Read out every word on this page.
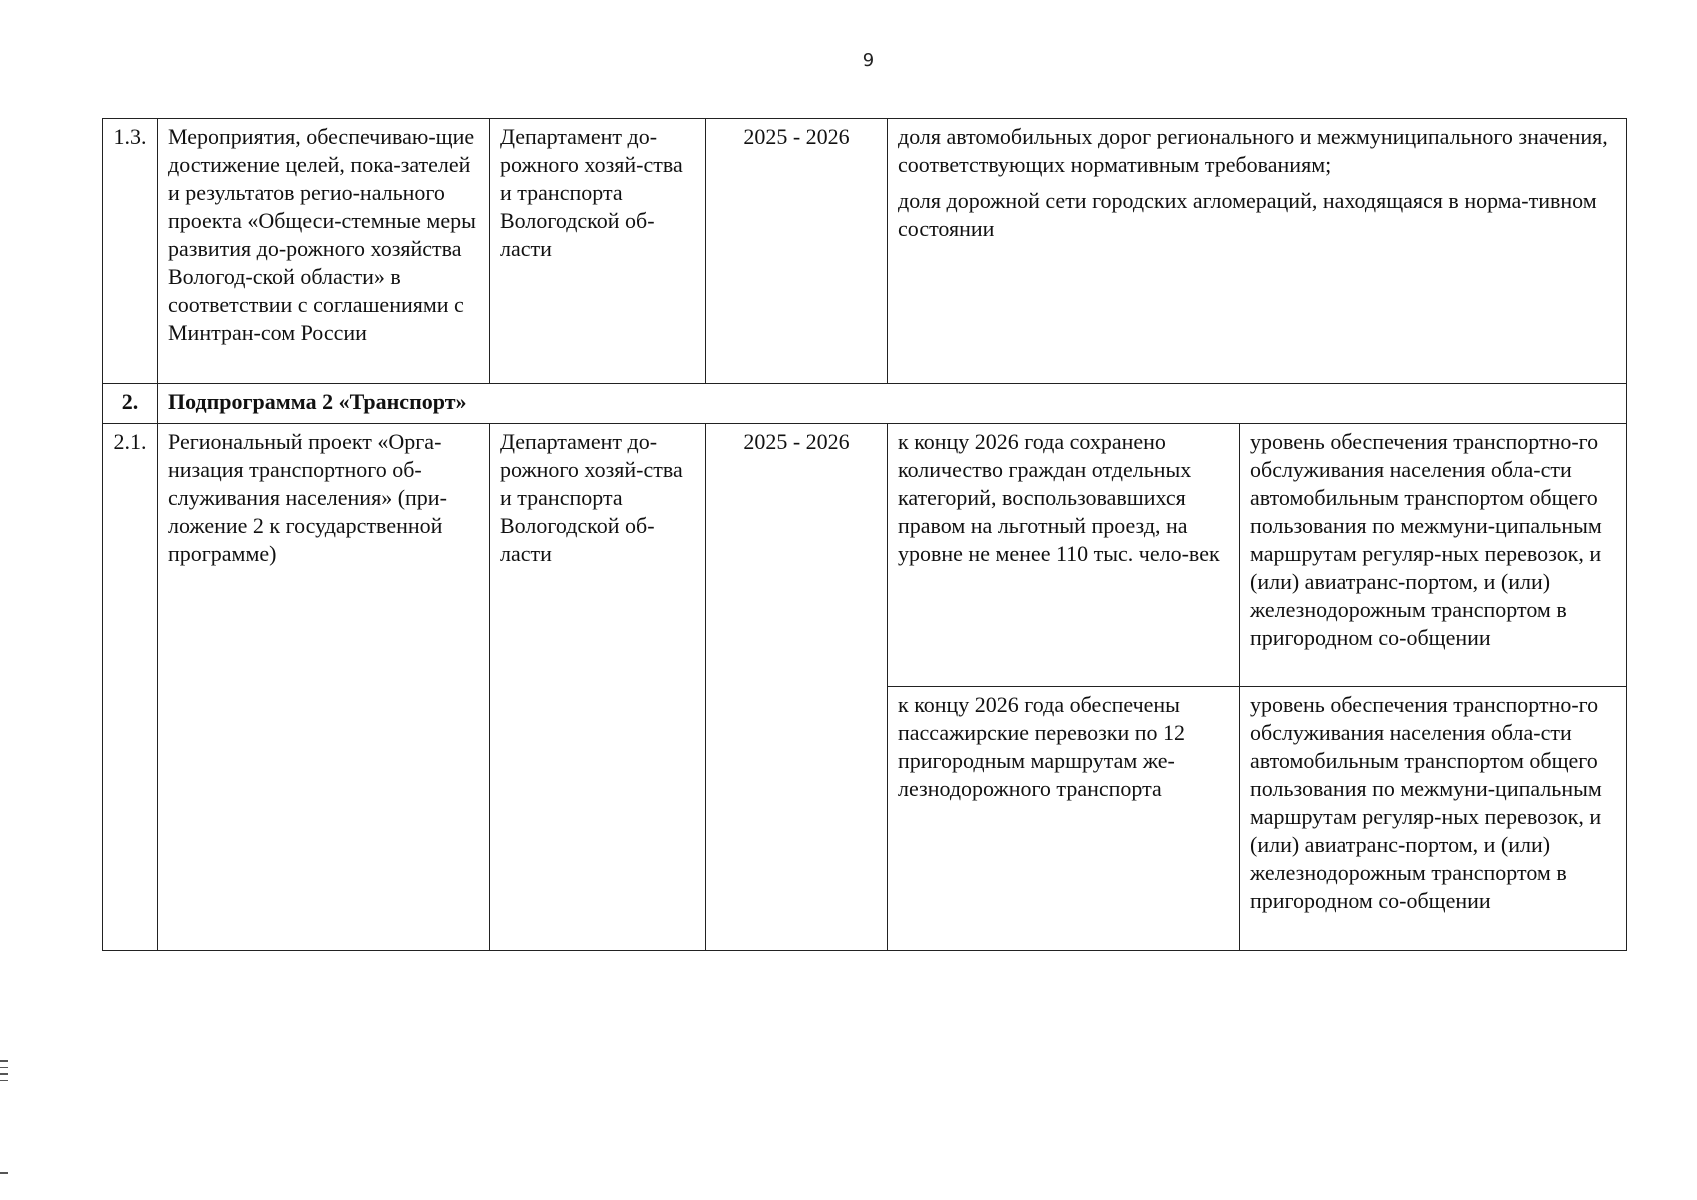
9
1.3.	Мероприятия, обеспечиваю-щие достижение целей, пока-зателей и результатов регио-нального проекта «Общеси-стемные меры развития до-рожного хозяйства Вологод-ской области» в соответствии с соглашениями с Минтран-сом России	Департамент до-рожного хозяй-ства и транспорта Вологодской об-ласти	2025 - 2026	доля автомобильных дорог регионального и межмуниципального значения, соответствующих нормативным требованиям;

доля дорожной сети городских агломераций, находящаяся в норма-тивном состоянии	

2.	Подпрограмма 2 «Транспорт»				
2.1.	Региональный проект «Орга-низация транспортного об-служивания населения» (при-ложение 2 к государственной программе)	Департамент до-рожного хозяй-ства и транспорта Вологодской об-ласти	2025 - 2026	к концу 2026 года сохранено количество граждан отдельных категорий, воспользовавшихся правом на льготный проезд, на уровне не менее 110 тыс. чело-век	уровень обеспечения транспортно-го обслуживания населения обла-сти автомобильным транспортом общего пользования по межмуни-ципальным маршрутам регуляр-ных перевозок, и (или) авиатранс-портом, и (или) железнодорожным транспортом в пригородном со-общении
				к концу 2026 года обеспечены пассажирские перевозки по 12 пригородным маршрутам же-лезнодорожного транспорта	уровень обеспечения транспортно-го обслуживания населения обла-сти автомобильным транспортом общего пользования по межмуни-ципальным маршрутам регуляр-ных перевозок, и (или) авиатранс-портом, и (или) железнодорожным транспортом в пригородном со-общении
